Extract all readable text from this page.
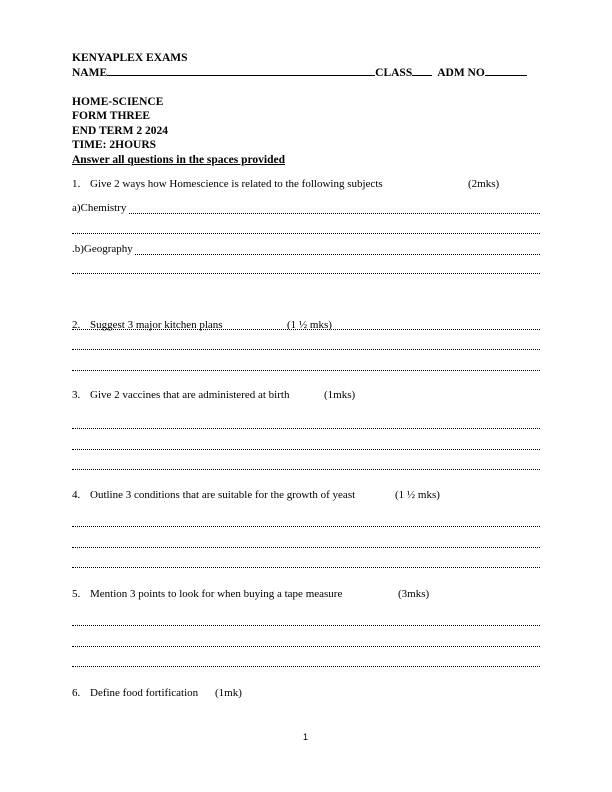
KENYAPLEX EXAMS
NAME	CLASS ADM NO
HOME-SCIENCE
FORM THREE
END TERM 2 2024
TIME: 2HOURS
Answer all questions in the spaces provided
1. Give 2 ways how Homescience is related to the following subjects	(2mks)
a)Chemistry
.b)Geography
2. Suggest 3 major kitchen plans	(1 ½ mks)
3. Give 2 vaccines that are administered at birth	(1mks)
4. Outline 3 conditions that are suitable for the growth of yeast	(1 ½ mks)
5. Mention 3 points to look for when buying a tape measure	(3mks)
6. Define food fortification (1mk)
1
